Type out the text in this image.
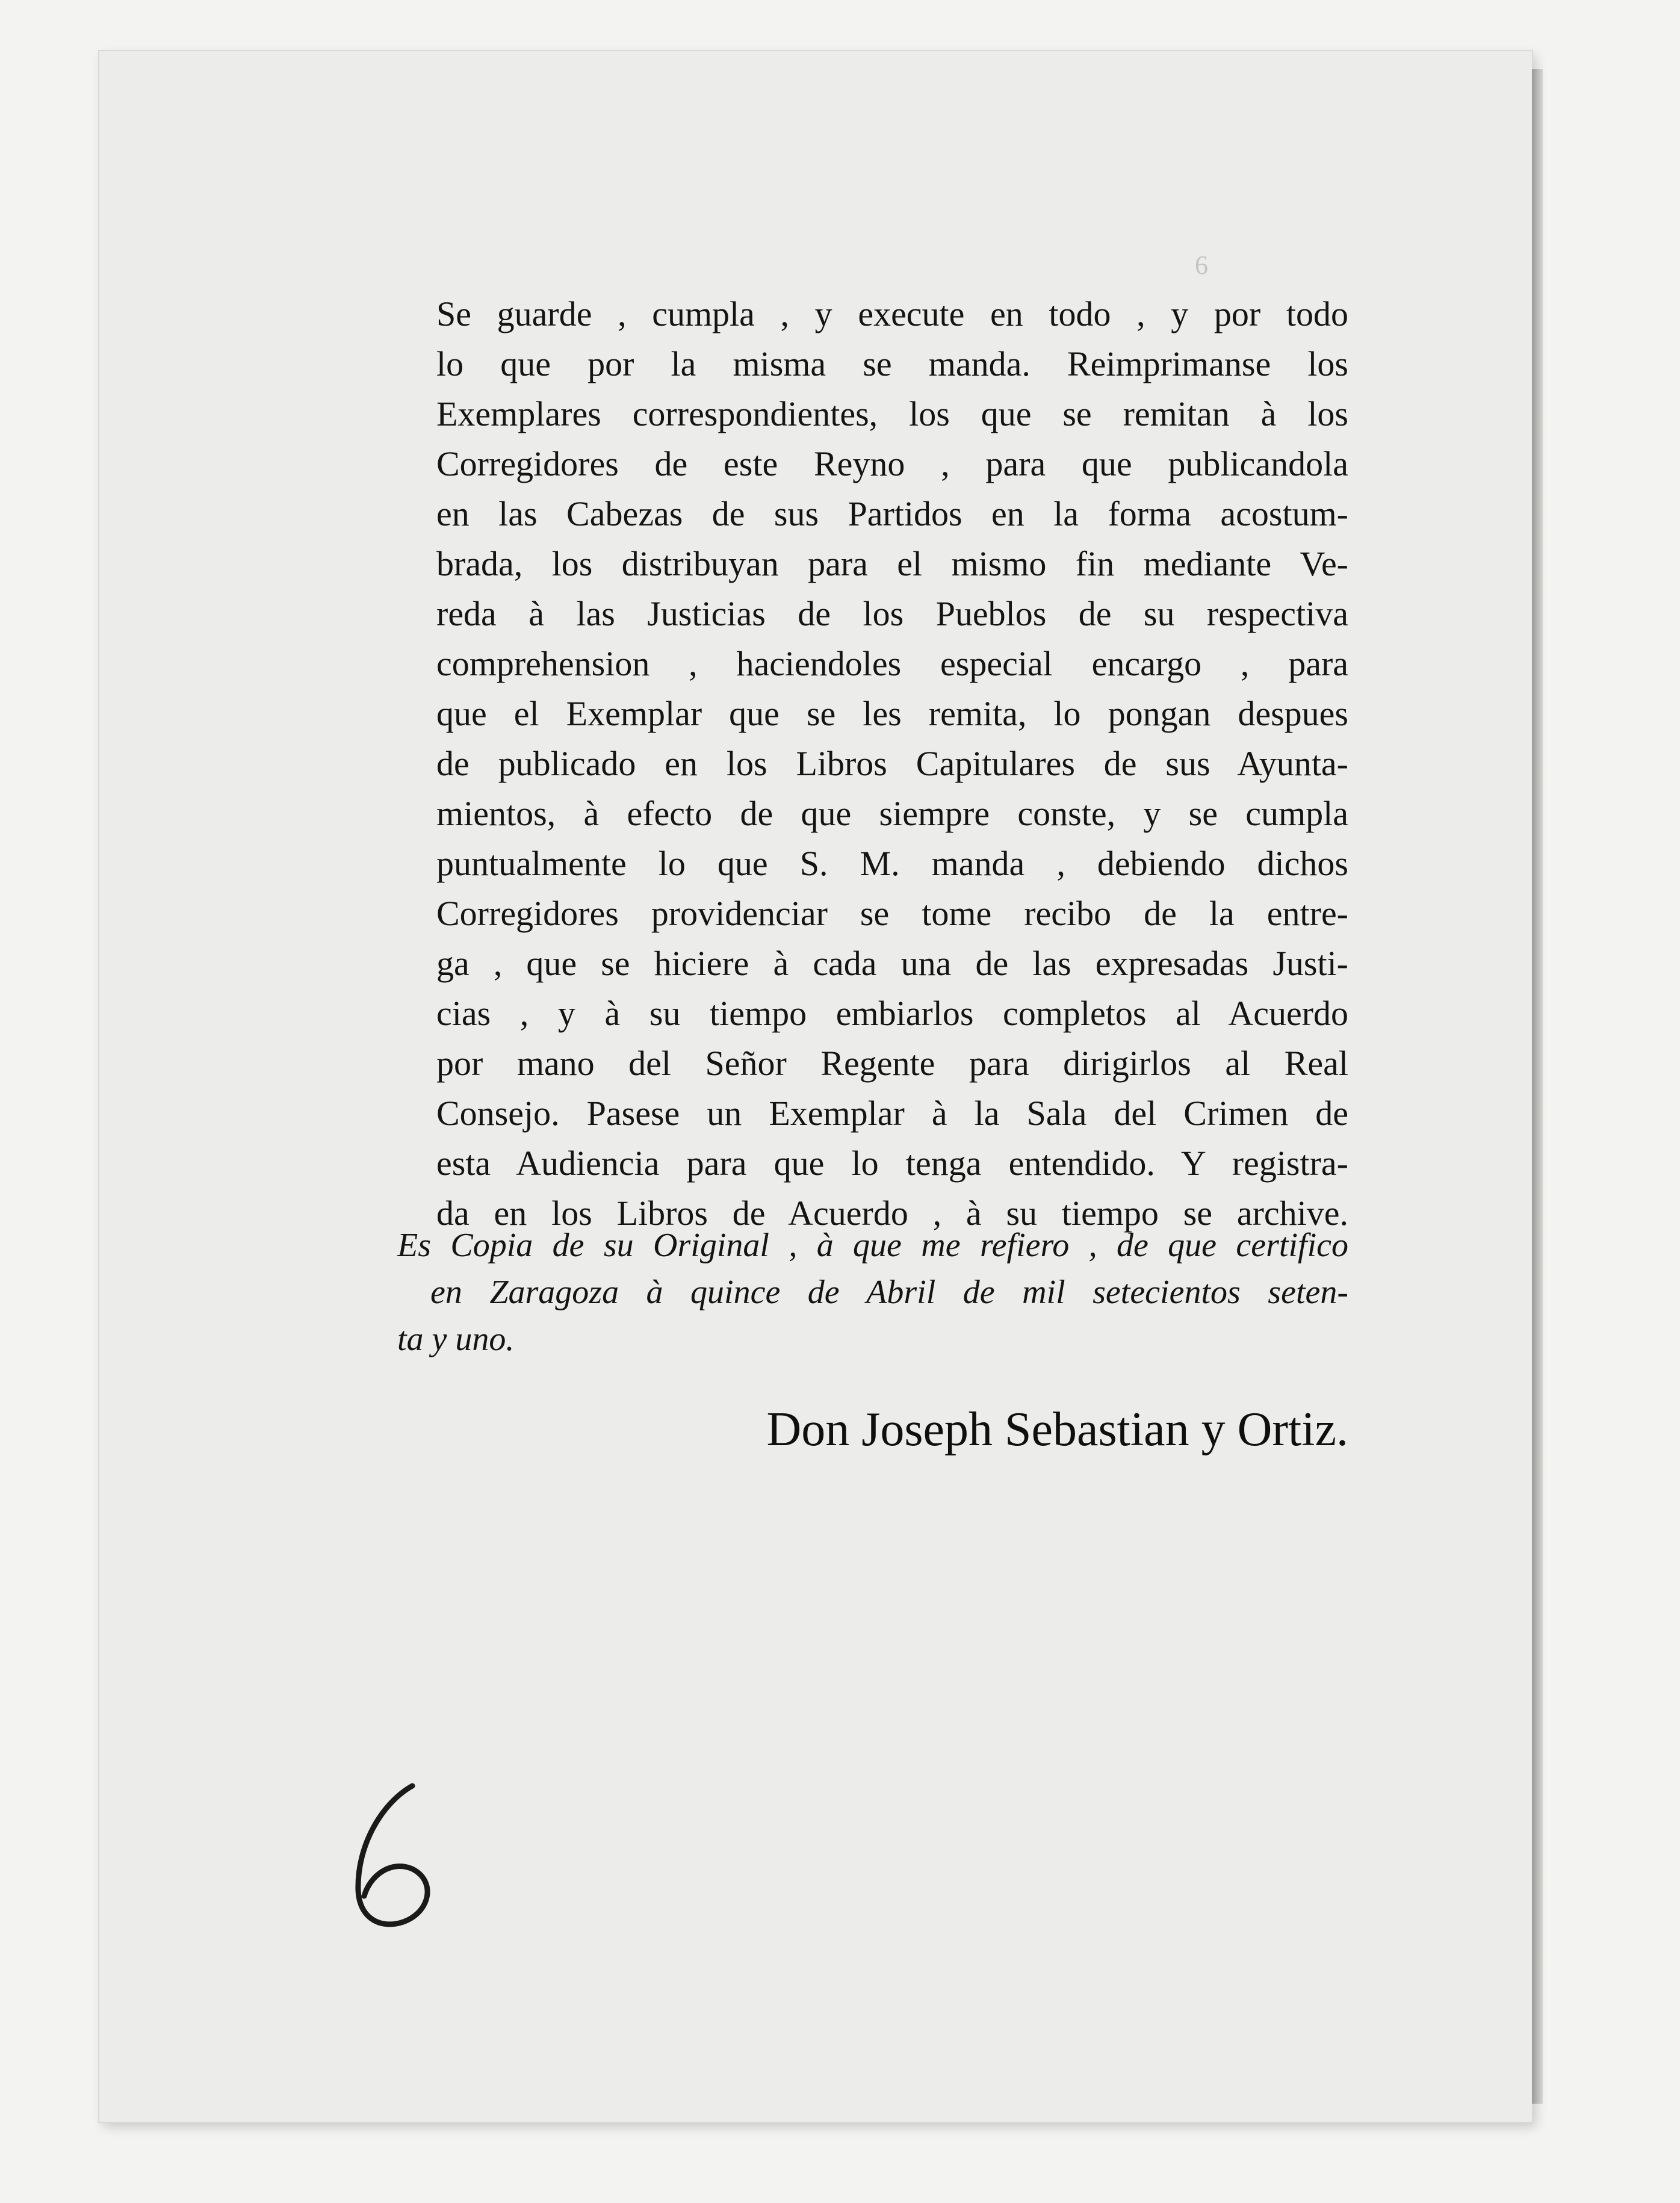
6
Se guarde , cumpla , y execute en todo , y por todo
lo que por la misma se manda. Reimprimanse los
Exemplares correspondientes, los que se remitan à los
Corregidores de este Reyno , para que publicandola
en las Cabezas de sus Partidos en la forma acostum-
brada, los distribuyan para el mismo fin mediante Ve-
reda à las Justicias de los Pueblos de su respectiva
comprehension , haciendoles especial encargo , para
que el Exemplar que se les remita, lo pongan despues
de publicado en los Libros Capitulares de sus Ayunta-
mientos, à efecto de que siempre conste, y se cumpla
puntualmente lo que S. M. manda , debiendo dichos
Corregidores providenciar se tome recibo de la entre-
ga , que se hiciere à cada una de las expresadas Justi-
cias , y à su tiempo embiarlos completos al Acuerdo
por mano del Señor Regente para dirigirlos al Real
Consejo. Pasese un Exemplar à la Sala del Crimen de
esta Audiencia para que lo tenga entendido. Y registra-
da en los Libros de Acuerdo , à su tiempo se archive.
Es Copia de su Original , à que me refiero , de que certifico
en Zaragoza à quince de Abril de mil setecientos seten-
ta y uno.
Don Joseph Sebastian y Ortiz.
